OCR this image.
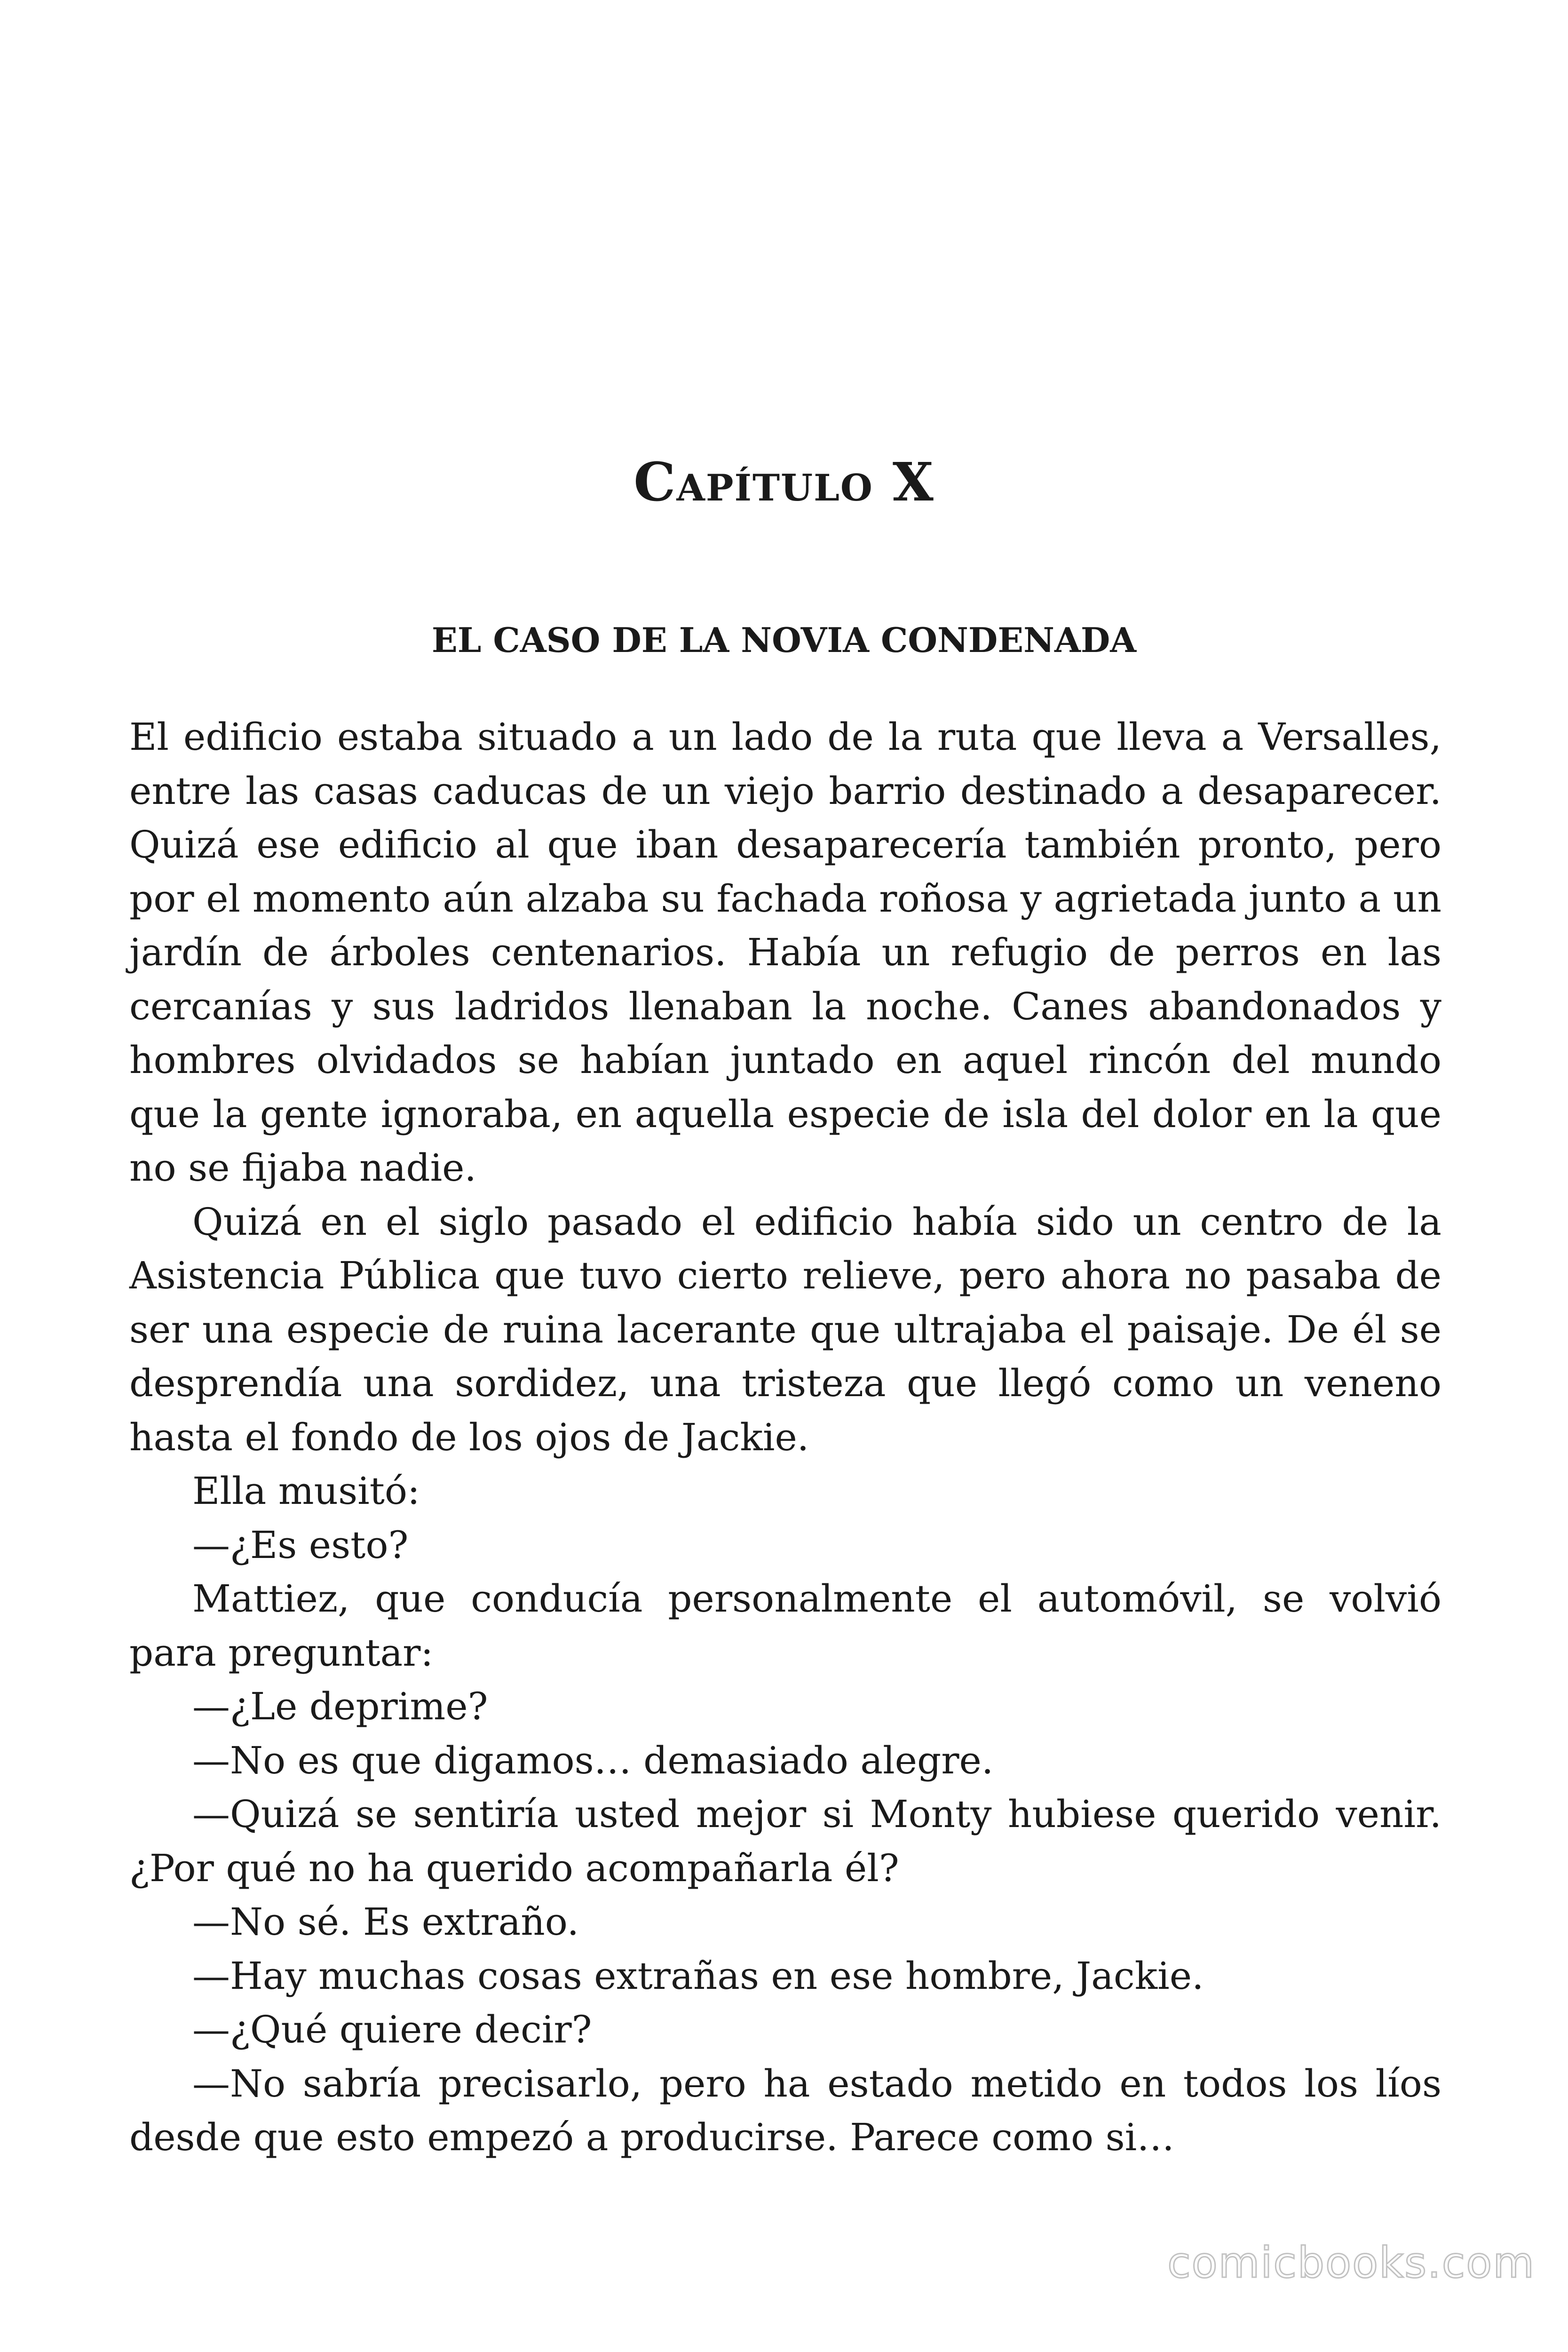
Capítulo X
EL CASO DE LA NOVIA CONDENADA

El edificio estaba situado a un lado de la ruta que lleva a Versalles, entre las casas caducas de un viejo barrio destinado a desaparecer. Quizá ese edificio al que iban desaparecería también pronto, pero por el momento aún alzaba su fachada roñosa y agrietada junto a un jardín de árboles centenarios. Había un refugio de perros en las cercanías y sus ladridos llenaban la noche. Canes abandonados y hombres olvidados se habían juntado en aquel rincón del mundo que la gente ignoraba, en aquella especie de isla del dolor en la que no se fijaba nadie.

Quizá en el siglo pasado el edificio había sido un centro de la Asistencia Pública que tuvo cierto relieve, pero ahora no pasaba de ser una especie de ruina lacerante que ultrajaba el paisaje. De él se desprendía una sordidez, una tristeza que llegó como un veneno hasta el fondo de los ojos de Jackie.

Ella musitó:

—¿Es esto?

Mattiez, que conducía personalmente el automóvil, se volvió para preguntar:

—¿Le deprime?

—No es que digamos… demasiado alegre.

—Quizá se sentiría usted mejor si Monty hubiese querido venir. ¿Por qué no ha querido acompañarla él?

—No sé. Es extraño.

—Hay muchas cosas extrañas en ese hombre, Jackie.

—¿Qué quiere decir?

—No sabría precisarlo, pero ha estado metido en todos los líos desde que esto empezó a producirse. Parece como si…

comicbooks.com
